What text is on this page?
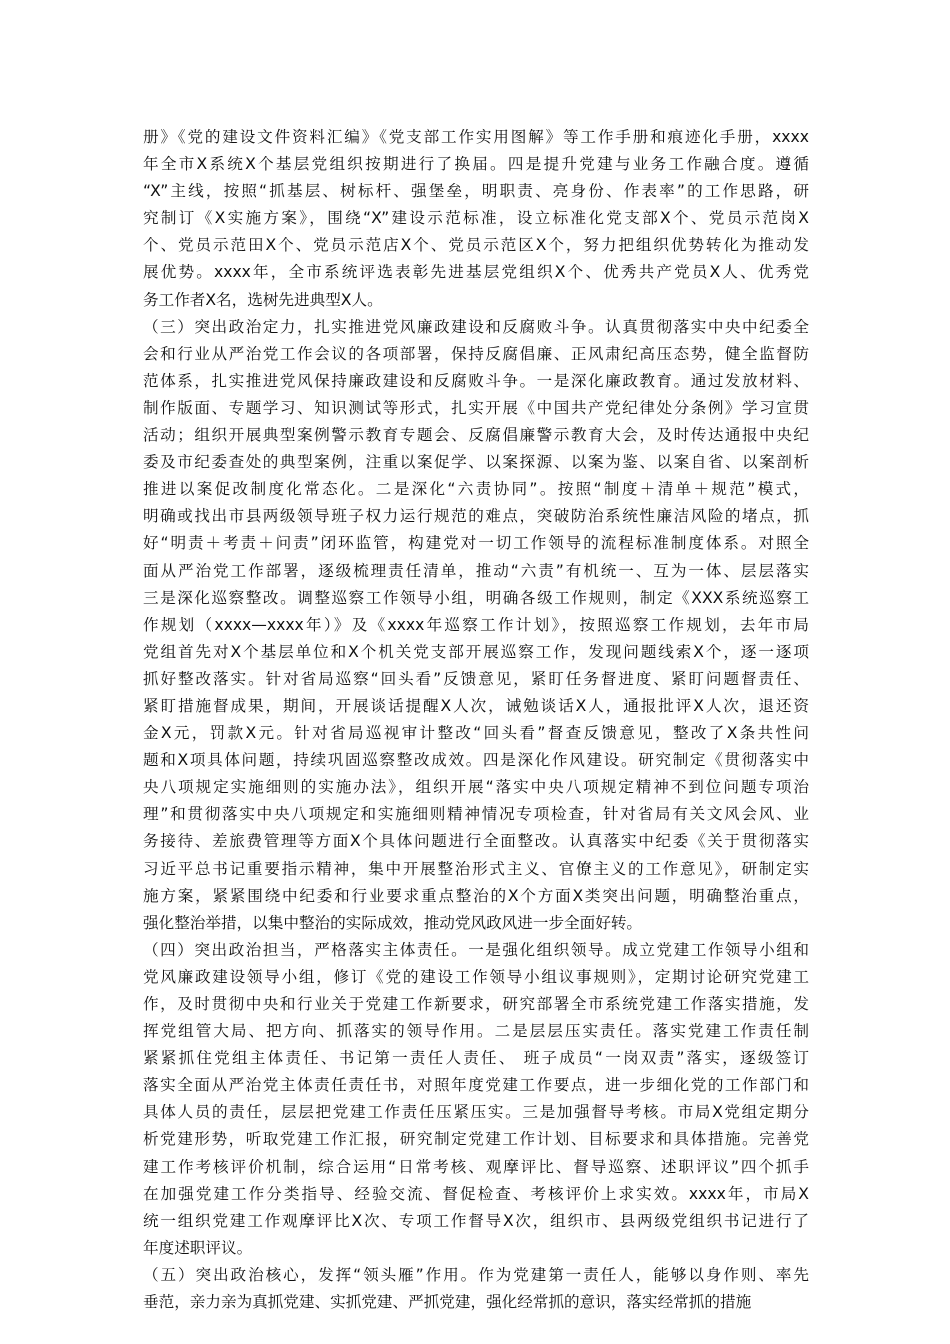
册》《党的建设文件资料汇编》《党支部工作实用图解》等工作手册和痕迹化手册，xxxx
年全市X系统X个基层党组织按期进行了换届。四是提升党建与业务工作融合度。遵循
“X”主线，按照“抓基层、树标杆、强堡垒，明职责、亮身份、作表率”的工作思路，研
究制订《X实施方案》，围绕“X”建设示范标准，设立标准化党支部X个、党员示范岗X
个、党员示范田X个、党员示范店X个、党员示范区X个，努力把组织优势转化为推动发
展优势。xxxx年，全市系统评选表彰先进基层党组织X个、优秀共产党员X人、优秀党
务工作者X名，选树先进典型X人。
（三）突出政治定力，扎实推进党风廉政建设和反腐败斗争。认真贯彻落实中央中纪委全
会和行业从严治党工作会议的各项部署，保持反腐倡廉、正风肃纪高压态势，健全监督防
范体系，扎实推进党风保持廉政建设和反腐败斗争。一是深化廉政教育。通过发放材料、
制作版面、专题学习、知识测试等形式，扎实开展《中国共产党纪律处分条例》学习宣贯
活动；组织开展典型案例警示教育专题会、反腐倡廉警示教育大会，及时传达通报中央纪
委及市纪委查处的典型案例，注重以案促学、以案探源、以案为鉴、以案自省、以案剖析
推进以案促改制度化常态化。二是深化“六责协同”。按照“制度＋清单＋规范”模式，
明确或找出市县两级领导班子权力运行规范的难点，突破防治系统性廉洁风险的堵点，抓
好“明责＋考责＋问责”闭环监管，构建党对一切工作领导的流程标准制度体系。对照全
面从严治党工作部署，逐级梳理责任清单，推动“六责”有机统一、互为一体、层层落实
三是深化巡察整改。调整巡察工作领导小组，明确各级工作规则，制定《XXX系统巡察工
作规划（xxxx—xxxx年）》及《xxxx年巡察工作计划》，按照巡察工作规划，去年市局
党组首先对X个基层单位和X个机关党支部开展巡察工作，发现问题线索X个，逐一逐项
抓好整改落实。针对省局巡察“回头看”反馈意见，紧盯任务督进度、紧盯问题督责任、
紧盯措施督成果，期间，开展谈话提醒X人次，诫勉谈话X人，通报批评X人次，退还资
金X元，罚款X元。针对省局巡视审计整改“回头看”督查反馈意见，整改了X条共性问
题和X项具体问题，持续巩固巡察整改成效。四是深化作风建设。研究制定《贯彻落实中
央八项规定实施细则的实施办法》，组织开展“落实中央八项规定精神不到位问题专项治
理”和贯彻落实中央八项规定和实施细则精神情况专项检查，针对省局有关文风会风、业
务接待、差旅费管理等方面X个具体问题进行全面整改。认真落实中纪委《关于贯彻落实
习近平总书记重要指示精神，集中开展整治形式主义、官僚主义的工作意见》，研制定实
施方案，紧紧围绕中纪委和行业要求重点整治的X个方面X类突出问题，明确整治重点，
强化整治举措，以集中整治的实际成效，推动党风政风进一步全面好转。
（四）突出政治担当，严格落实主体责任。一是强化组织领导。成立党建工作领导小组和
党风廉政建设领导小组，修订《党的建设工作领导小组议事规则》，定期讨论研究党建工
作，及时贯彻中央和行业关于党建工作新要求，研究部署全市系统党建工作落实措施，发
挥党组管大局、把方向、抓落实的领导作用。二是层层压实责任。落实党建工作责任制
紧紧抓住党组主体责任、书记第一责任人责任、 班子成员“一岗双责”落实，逐级签订
落实全面从严治党主体责任责任书，对照年度党建工作要点，进一步细化党的工作部门和
具体人员的责任，层层把党建工作责任压紧压实。三是加强督导考核。市局X党组定期分
析党建形势，听取党建工作汇报，研究制定党建工作计划、目标要求和具体措施。完善党
建工作考核评价机制，综合运用“日常考核、观摩评比、督导巡察、述职评议”四个抓手
在加强党建工作分类指导、经验交流、督促检查、考核评价上求实效。xxxx年，市局X
统一组织党建工作观摩评比X次、专项工作督导X次，组织市、县两级党组织书记进行了
年度述职评议。
（五）突出政治核心，发挥“领头雁”作用。作为党建第一责任人，能够以身作则、率先
垂范，亲力亲为真抓党建、实抓党建、严抓党建，强化经常抓的意识，落实经常抓的措施
